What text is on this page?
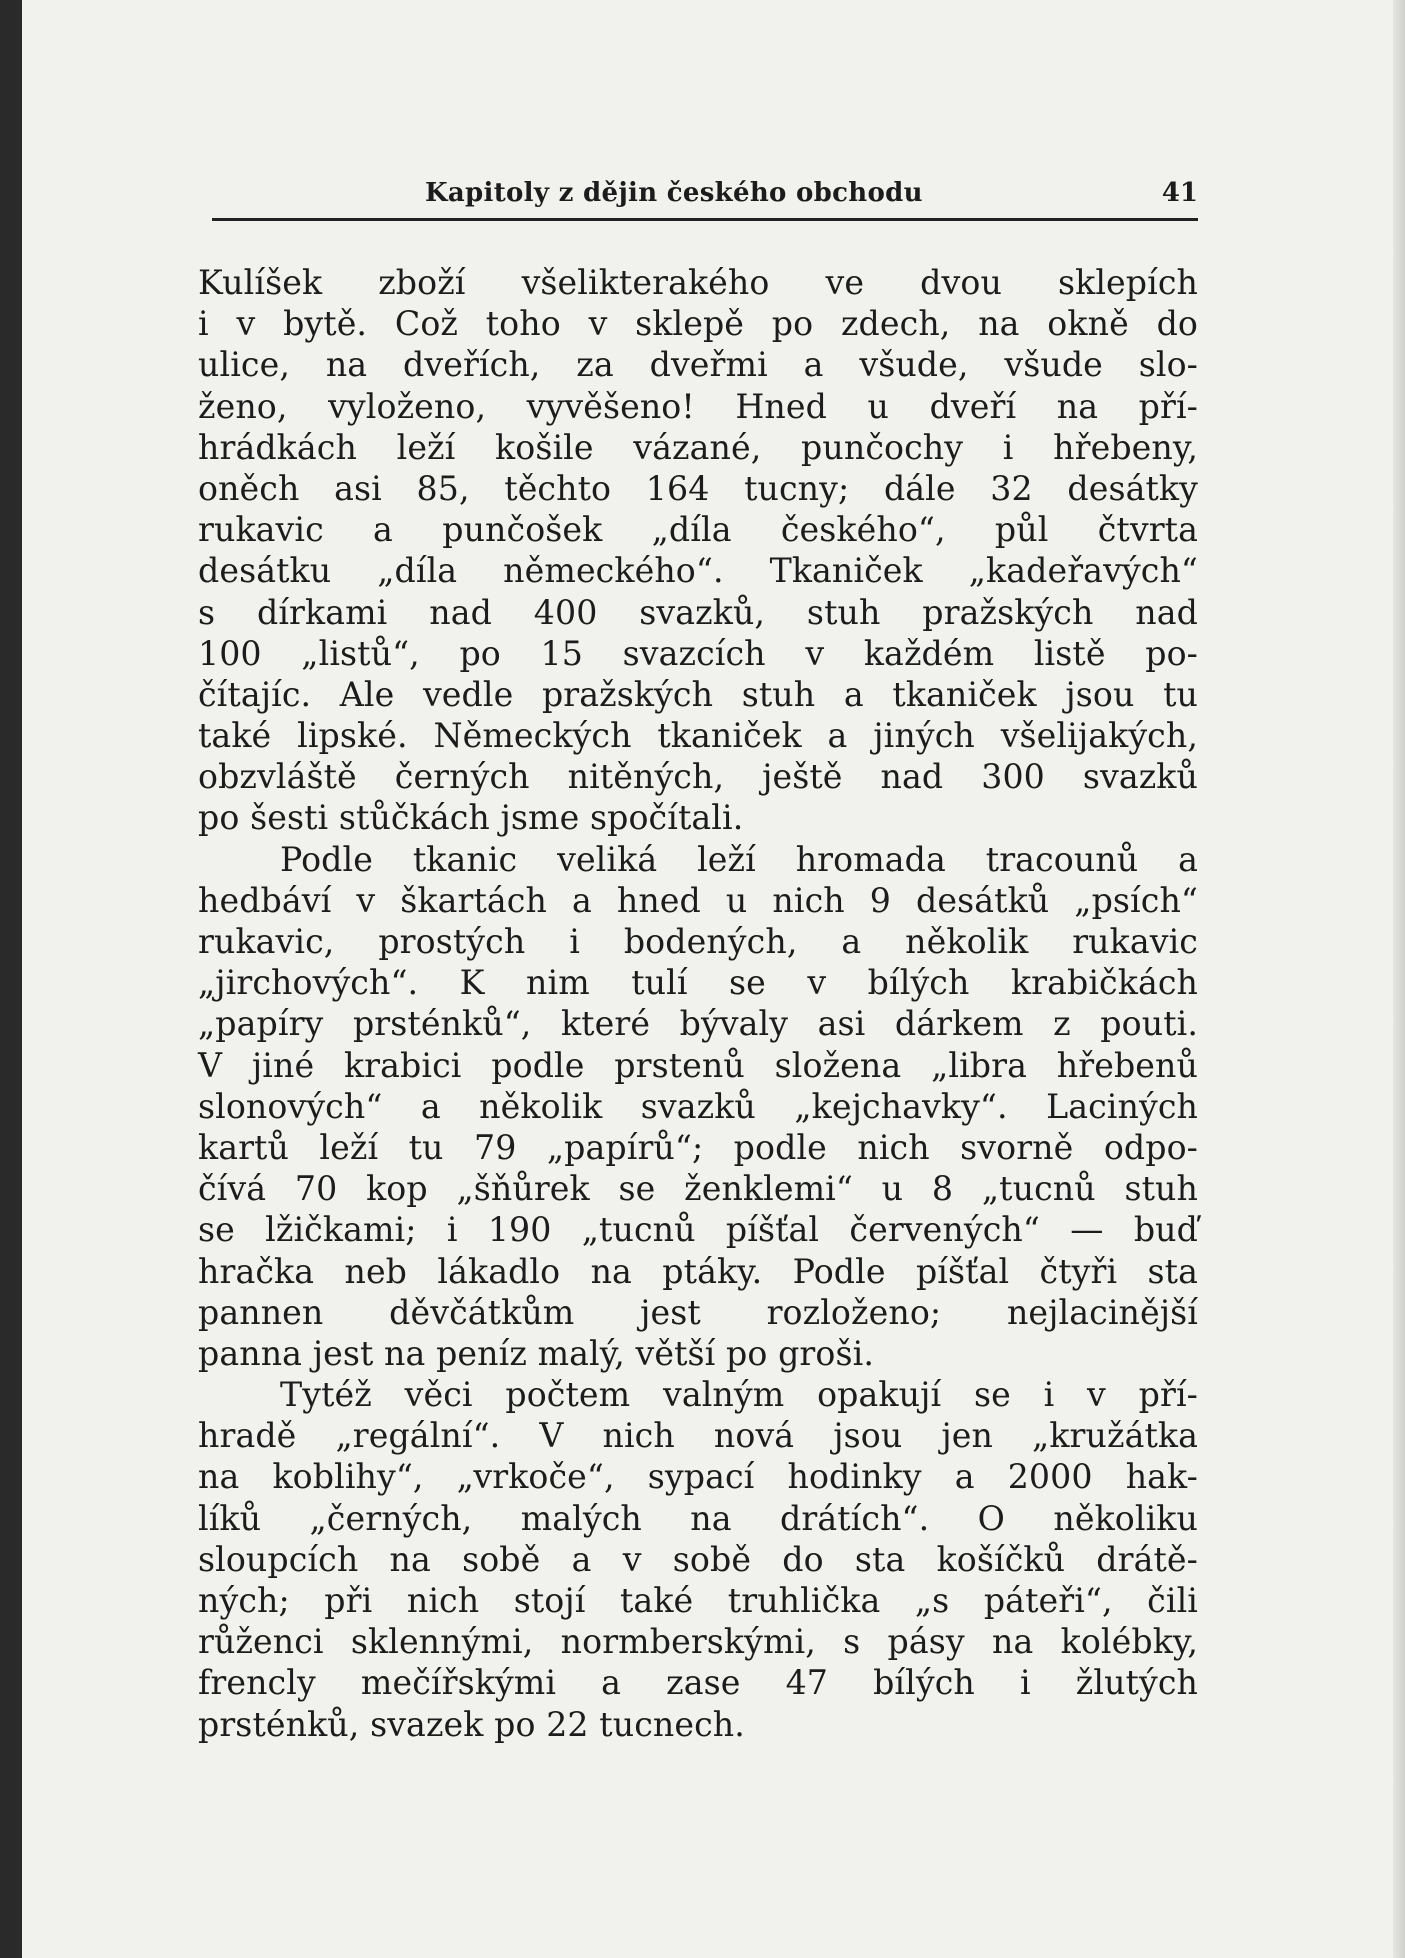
Kapitoly z dějin českého obchodu	41
Kulíšek zboží všelikterakého ve dvou sklepích
i v bytě. Což toho v sklepě po zdech, na okně do
ulice, na dveřích, za dveřmi a všude, všude slo-
ženo, vyloženo, vyvěšeno! Hned u dveří na pří-
hrádkách leží košile vázané, punčochy i hřebeny,
oněch asi 85, těchto 164 tucny; dále 32 desátky
rukavic a punčošek „díla českého“, půl čtvrta
desátku „díla německého“. Tkaniček „kadeřavých“
s dírkami nad 400 svazků, stuh pražských nad
100 „listů“, po 15 svazcích v každém listě po-
čítajíc. Ale vedle pražských stuh a tkaniček jsou tu
také lipské. Německých tkaniček a jiných všelijakých,
obzvláště černých nitěných, ještě nad 300 svazků
po šesti stůčkách jsme spočítali.
Podle tkanic veliká leží hromada tracounů a
hedbáví v škartách a hned u nich 9 desátků „psích“
rukavic, prostých i bodených, a několik rukavic
„jirchových“. K nim tulí se v bílých krabičkách
„papíry prsténků“, které bývaly asi dárkem z pouti.
V jiné krabici podle prstenů složena „libra hřebenů
slonových“ a několik svazků „kejchavky“. Laciných
kartů leží tu 79 „papírů“; podle nich svorně odpo-
čívá 70 kop „šňůrek se ženklemi“ u 8 „tucnů stuh
se lžičkami; i 190 „tucnů píšťal červených“ — buď
hračka neb lákadlo na ptáky. Podle píšťal čtyři sta
pannen děvčátkům jest rozloženo; nejlacinější
panna jest na peníz malý, větší po groši.
Tytéž věci počtem valným opakují se i v pří-
hradě „regální“. V nich nová jsou jen „kružátka
na koblihy“, „vrkoče“, sypací hodinky a 2000 hak-
líků „černých, malých na drátích“. O několiku
sloupcích na sobě a v sobě do sta košíčků drátě-
ných; při nich stojí také truhlička „s páteři“, čili
růženci sklennými, normberskými, s pásy na kolébky,
frencly mečířskými a zase 47 bílých i žlutých
prsténků, svazek po 22 tucnech.
